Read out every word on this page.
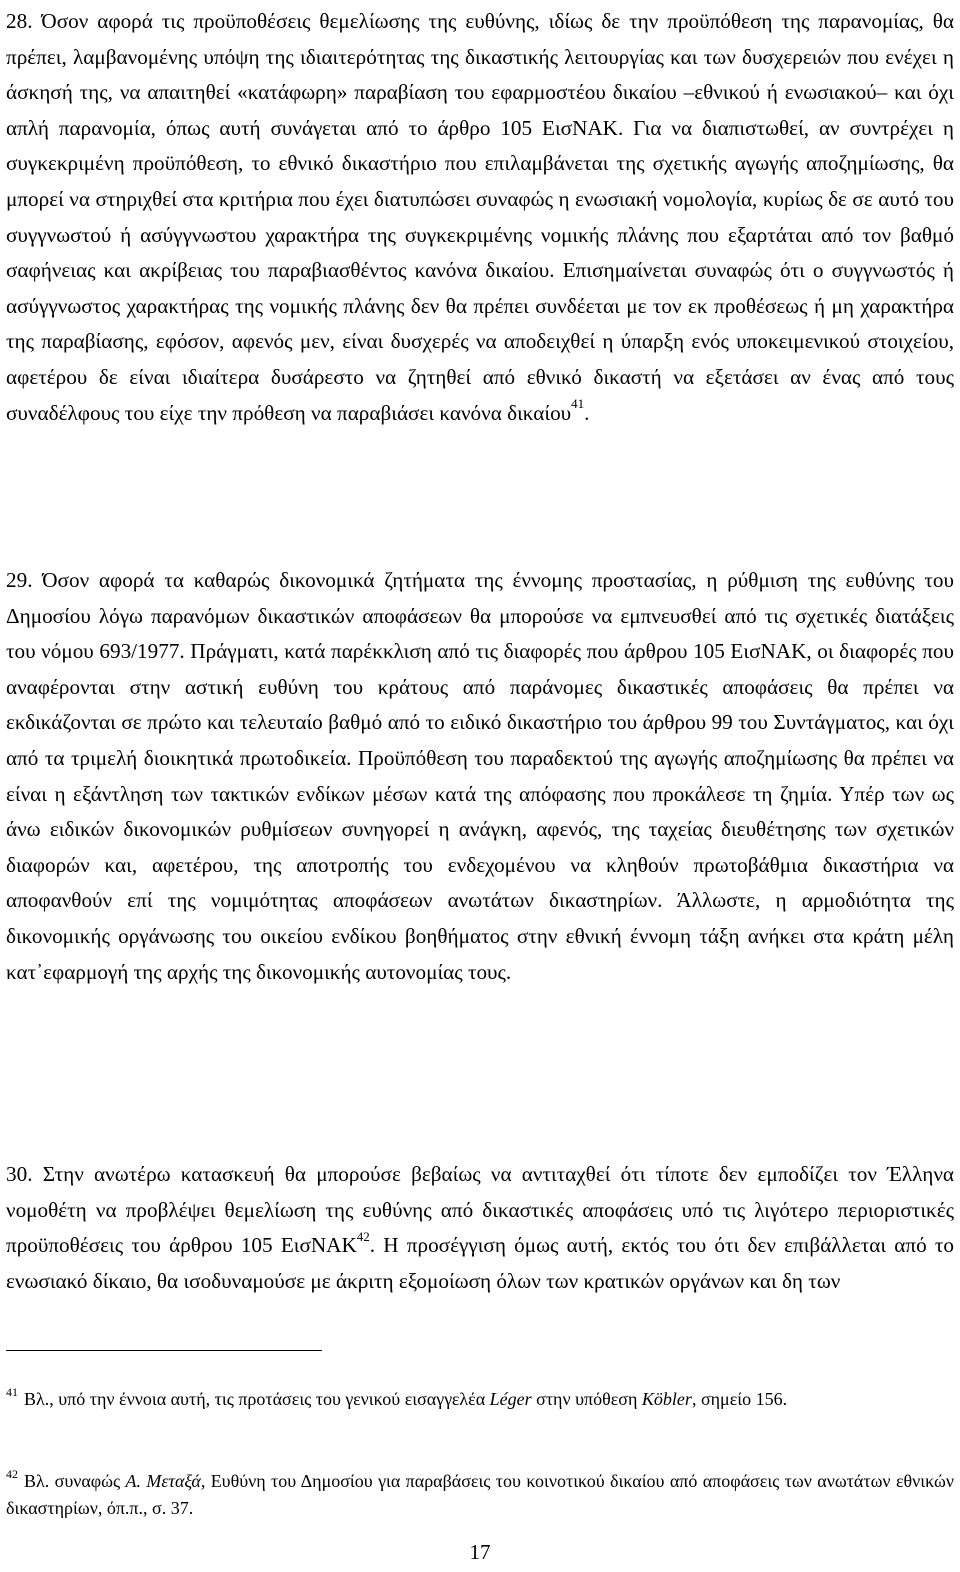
28. Όσον αφορά τις προϋποθέσεις θεμελίωσης της ευθύνης, ιδίως δε την προϋπόθεση της παρανομίας, θα πρέπει, λαμβανομένης υπόψη της ιδιαιτερότητας της δικαστικής λειτουργίας και των δυσχερειών που ενέχει η άσκησή της, να απαιτηθεί «κατάφωρη» παραβίαση του εφαρμοστέου δικαίου –εθνικού ή ενωσιακού– και όχι απλή παρανομία, όπως αυτή συνάγεται από το άρθρο 105 ΕισΝΑΚ. Για να διαπιστωθεί, αν συντρέχει η συγκεκριμένη προϋπόθεση, το εθνικό δικαστήριο που επιλαμβάνεται της σχετικής αγωγής αποζημίωσης, θα μπορεί να στηριχθεί στα κριτήρια που έχει διατυπώσει συναφώς η ενωσιακή νομολογία, κυρίως δε σε αυτό του συγγνωστού ή ασύγγνωστου χαρακτήρα της συγκεκριμένης νομικής πλάνης που εξαρτάται από τον βαθμό σαφήνειας και ακρίβειας του παραβιασθέντος κανόνα δικαίου. Επισημαίνεται συναφώς ότι ο συγγνωστός ή ασύγγνωστος χαρακτήρας της νομικής πλάνης δεν θα πρέπει συνδέεται με τον εκ προθέσεως ή μη χαρακτήρα της παραβίασης, εφόσον, αφενός μεν, είναι δυσχερές να αποδειχθεί η ύπαρξη ενός υποκειμενικού στοιχείου, αφετέρου δε είναι ιδιαίτερα δυσάρεστο να ζητηθεί από εθνικό δικαστή να εξετάσει αν ένας από τους συναδέλφους του είχε την πρόθεση να παραβιάσει κανόνα δικαίου$^{41}$.

29. Όσον αφορά τα καθαρώς δικονομικά ζητήματα της έννομης προστασίας, η ρύθμιση της ευθύνης του Δημοσίου λόγω παρανόμων δικαστικών αποφάσεων θα μπορούσε να εμπνευσθεί από τις σχετικές διατάξεις του νόμου 693/1977. Πράγματι, κατά παρέκκλιση από τις διαφορές που άρθρου 105 ΕισΝΑΚ, οι διαφορές που αναφέρονται στην αστική ευθύνη του κράτους από παράνομες δικαστικές αποφάσεις θα πρέπει να εκδικάζονται σε πρώτο και τελευταίο βαθμό από το ειδικό δικαστήριο του άρθρου 99 του Συντάγματος, και όχι από τα τριμελή διοικητικά πρωτοδικεία. Προϋπόθεση του παραδεκτού της αγωγής αποζημίωσης θα πρέπει να είναι η εξάντληση των τακτικών ενδίκων μέσων κατά της απόφασης που προκάλεσε τη ζημία. Υπέρ των ως άνω ειδικών δικονομικών ρυθμίσεων συνηγορεί η ανάγκη, αφενός, της ταχείας διευθέτησης των σχετικών διαφορών και, αφετέρου, της αποτροπής του ενδεχομένου να κληθούν πρωτοβάθμια δικαστήρια να αποφανθούν επί της νομιμότητας αποφάσεων ανωτάτων δικαστηρίων. Άλλωστε, η αρμοδιότητα της δικονομικής οργάνωσης του οικείου ενδίκου βοηθήματος στην εθνική έννομη τάξη ανήκει στα κράτη μέλη κατ᾽εφαρμογή της αρχής της δικονομικής αυτονομίας τους.

30. Στην ανωτέρω κατασκευή θα μπορούσε βεβαίως να αντιταχθεί ότι τίποτε δεν εμποδίζει τον Έλληνα νομοθέτη να προβλέψει θεμελίωση της ευθύνης από δικαστικές αποφάσεις υπό τις λιγότερο περιοριστικές προϋποθέσεις του άρθρου 105 ΕισΝΑΚ$^{42}$. Η προσέγγιση όμως αυτή, εκτός του ότι δεν επιβάλλεται από το ενωσιακό δίκαιο, θα ισοδυναμούσε με άκριτη εξομοίωση όλων των κρατικών οργάνων και δη των

$^{41}$ Βλ., υπό την έννοια αυτή, τις προτάσεις του γενικού εισαγγελέα Léger στην υπόθεση Köbler, σημείο 156.

$^{42}$ Βλ. συναφώς Α. Μεταξά, Ευθύνη του Δημοσίου για παραβάσεις του κοινοτικού δικαίου από αποφάσεις των ανωτάτων εθνικών δικαστηρίων, όπ.π., σ. 37.

17
